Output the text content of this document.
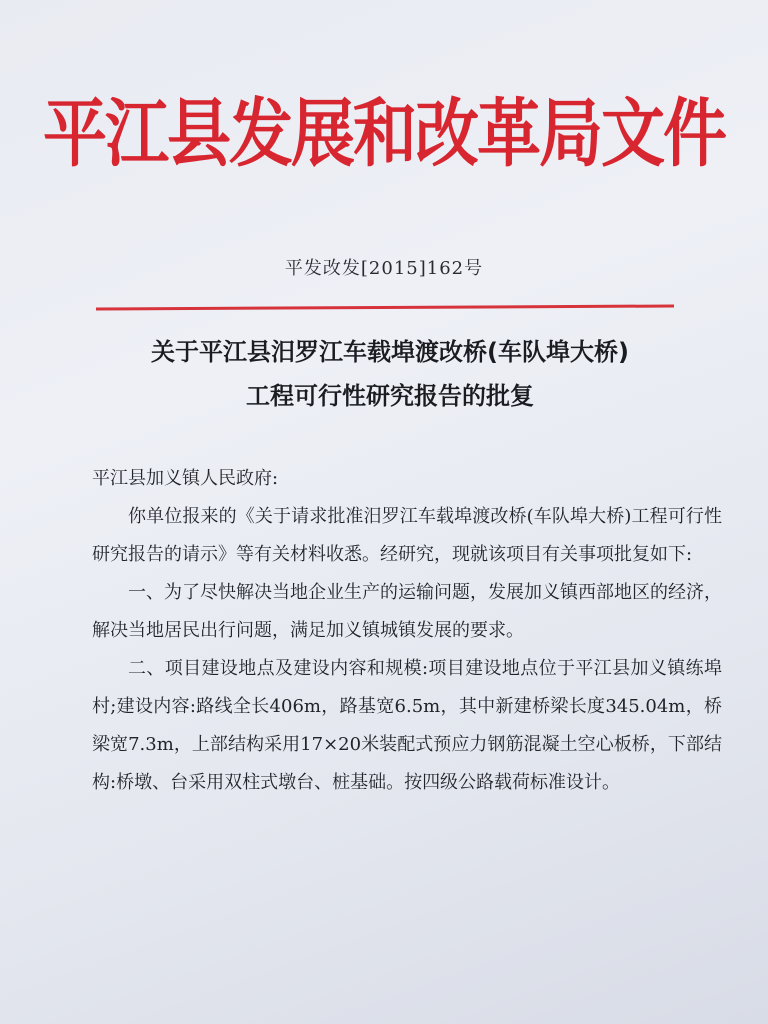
平江县发展和改革局文件
平发改发[2015]162号
关于平江县汨罗江车载埠渡改桥(车队埠大桥)
工程可行性研究报告的批复

平江县加义镇人民政府:

你单位报来的《关于请求批准汨罗江车载埠渡改桥(车队埠大桥)工程可行性研究报告的请示》等有关材料收悉。经研究，现就该项目有关事项批复如下:

一、为了尽快解决当地企业生产的运输问题，发展加义镇西部地区的经济，解决当地居民出行问题，满足加义镇城镇发展的要求。

二、项目建设地点及建设内容和规模:项目建设地点位于平江县加义镇练埠村;建设内容:路线全长406m，路基宽6.5m，其中新建桥梁长度345.04m，桥梁宽7.3m，上部结构采用17×20米装配式预应力钢筋混凝土空心板桥，下部结构:桥墩、台采用双柱式墩台、桩基础。按四级公路载荷标准设计。
